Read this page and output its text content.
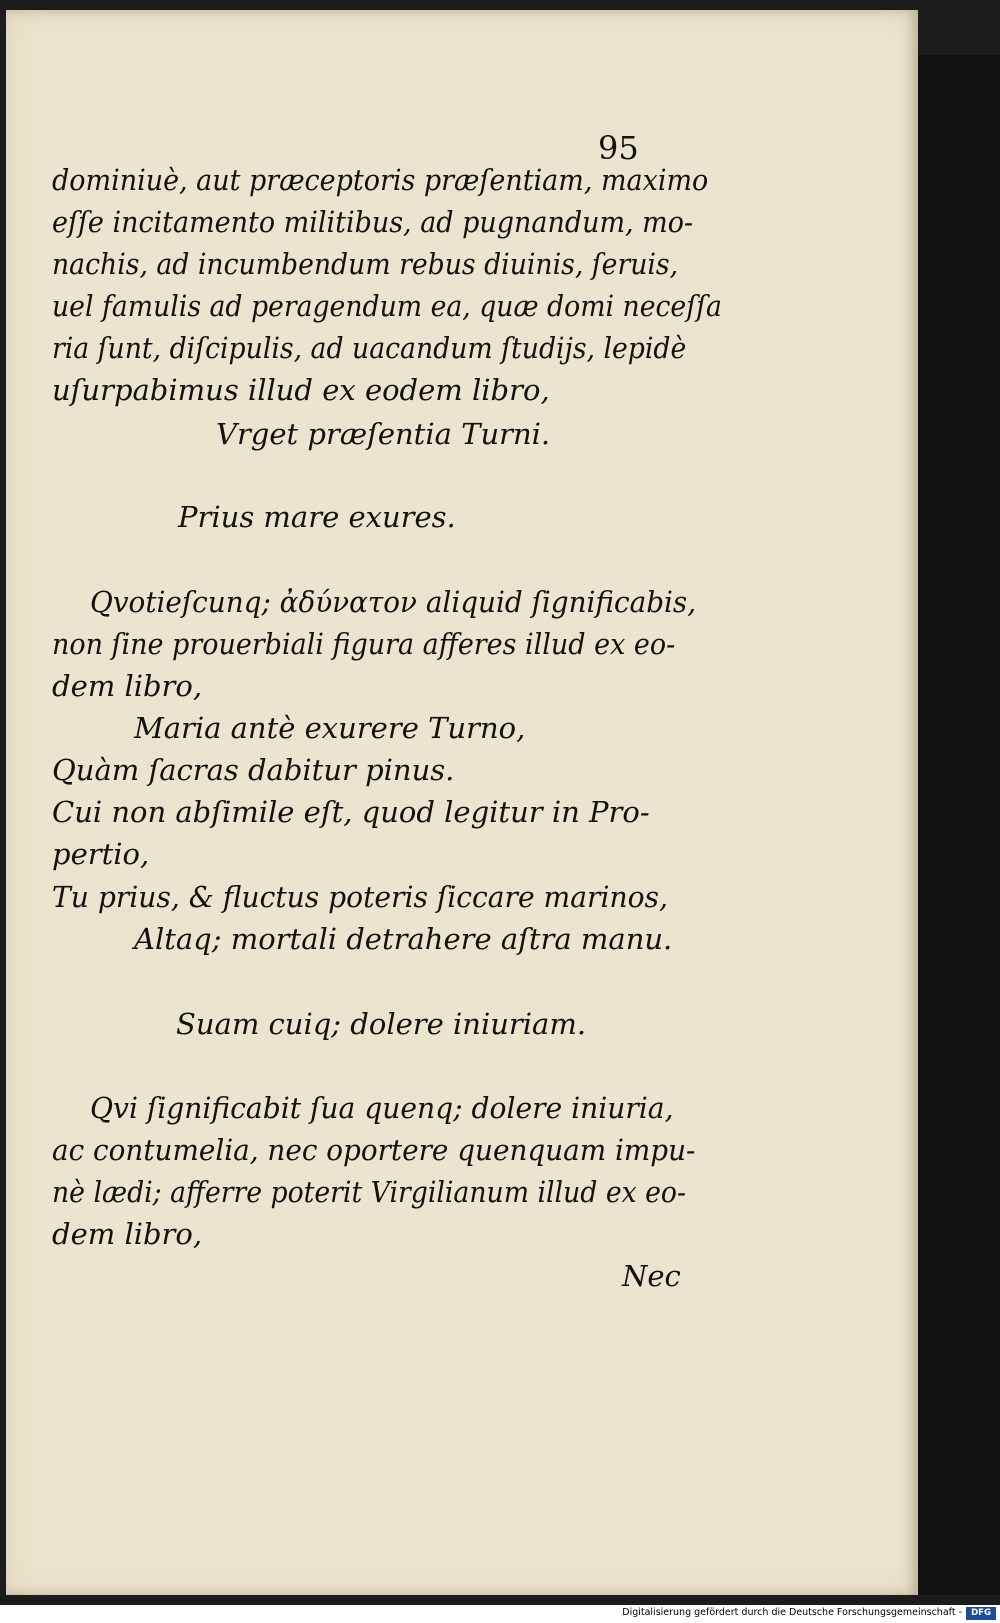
95
dominiuè, aut præceptoris præſentiam, maximo
eſſe incitamento militibus, ad pugnandum, mo-
nachis, ad incumbendum rebus diuinis, ſeruis,
uel famulis ad peragendum ea, quæ domi neceſſa
ria ſunt, diſcipulis, ad uacandum ſtudijs, lepidè
uſurpabimus illud ex eodem libro,
Vrget præſentia Turni.
Prius mare exures.
Qvotieſcunq; ἀδύνατον aliquid ſignificabis,
non ſine prouerbiali figura afferes illud ex eo-
dem libro,
Maria antè exurere Turno,
Quàm ſacras dabitur pinus.
Cui non abſimile eſt, quod legitur in Pro-
pertio,
Tu prius, & fluctus poteris ſiccare marinos,
Altaq; mortali detrahere aſtra manu.
Suam cuiq; dolere iniuriam.
Qvi ſignificabit ſua quenq; dolere iniuria,
ac contumelia, nec oportere quenquam impu-
nè lædi; afferre poterit Virgilianum illud ex eo-
dem libro,
Nec
Digitalisierung gefördert durch die Deutsche Forschungsgemeinschaft -	DFG
